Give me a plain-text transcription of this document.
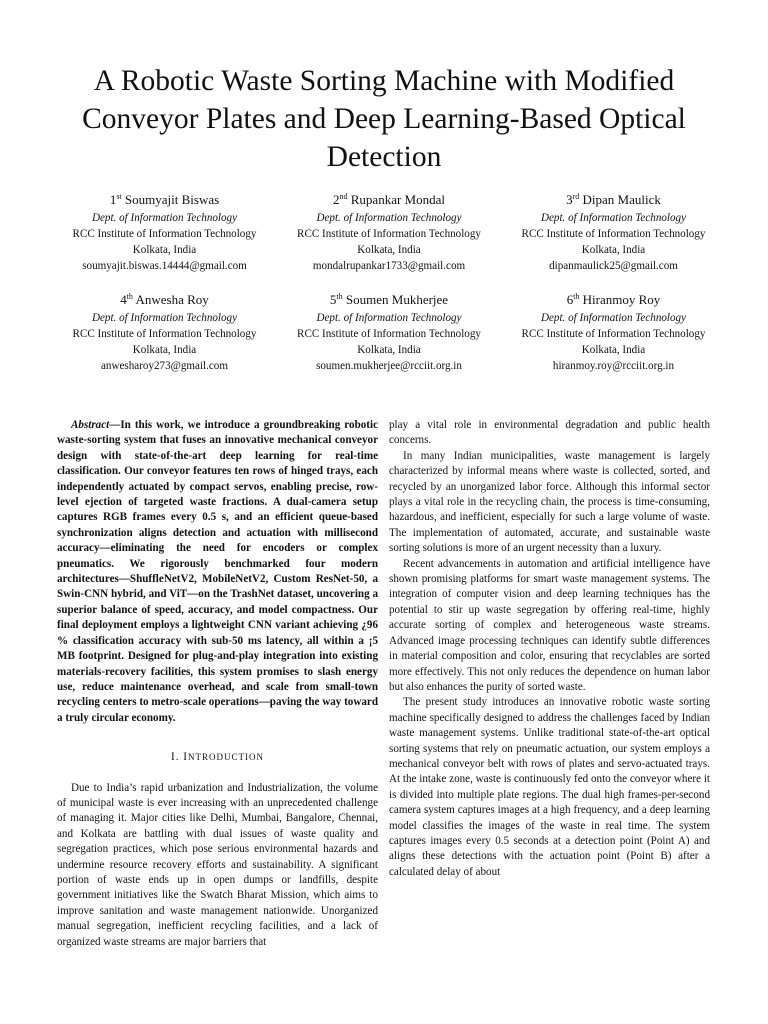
A Robotic Waste Sorting Machine with Modified Conveyor Plates and Deep Learning-Based Optical Detection
1st Soumyajit Biswas
Dept. of Information Technology
RCC Institute of Information Technology
Kolkata, India
soumyajit.biswas.14444@gmail.com
2nd Rupankar Mondal
Dept. of Information Technology
RCC Institute of Information Technology
Kolkata, India
mondalrupankar1733@gmail.com
3rd Dipan Maulick
Dept. of Information Technology
RCC Institute of Information Technology
Kolkata, India
dipanmaulick25@gmail.com
4th Anwesha Roy
Dept. of Information Technology
RCC Institute of Information Technology
Kolkata, India
anwesharoy273@gmail.com
5th Soumen Mukherjee
Dept. of Information Technology
RCC Institute of Information Technology
Kolkata, India
soumen.mukherjee@rcciit.org.in
6th Hiranmoy Roy
Dept. of Information Technology
RCC Institute of Information Technology
Kolkata, India
hiranmoy.roy@rcciit.org.in

Abstract—In this work, we introduce a groundbreaking robotic waste-sorting system that fuses an innovative mechanical conveyor design with state-of-the-art deep learning for real-time classification. Our conveyor features ten rows of hinged trays, each independently actuated by compact servos, enabling precise, row-level ejection of targeted waste fractions. A dual-camera setup captures RGB frames every 0.5 s, and an efficient queue-based synchronization aligns detection and actuation with millisecond accuracy—eliminating the need for encoders or complex pneumatics. We rigorously benchmarked four modern architectures—ShuffleNetV2, MobileNetV2, Custom ResNet-50, a Swin-CNN hybrid, and ViT—on the TrashNet dataset, uncovering a superior balance of speed, accuracy, and model compactness. Our final deployment employs a lightweight CNN variant achieving ¿96 % classification accuracy with sub-50 ms latency, all within a ¡5 MB footprint. Designed for plug-and-play integration into existing materials-recovery facilities, this system promises to slash energy use, reduce maintenance overhead, and scale from small-town recycling centers to metro-scale operations—paving the way toward a truly circular economy.

I. INTRODUCTION

Due to India’s rapid urbanization and Industrialization, the volume of municipal waste is ever increasing with an unprecedented challenge of managing it. Major cities like Delhi, Mumbai, Bangalore, Chennai, and Kolkata are battling with dual issues of waste quality and segregation practices, which pose serious environmental hazards and undermine resource recovery efforts and sustainability. A significant portion of waste ends up in open dumps or landfills, despite government initiatives like the Swatch Bharat Mission, which aims to improve sanitation and waste management nationwide. Unorganized manual segregation, inefficient recycling facilities, and a lack of organized waste streams are major barriers that

play a vital role in environmental degradation and public health concerns.

In many Indian municipalities, waste management is largely characterized by informal means where waste is collected, sorted, and recycled by an unorganized labor force. Although this informal sector plays a vital role in the recycling chain, the process is time-consuming, hazardous, and inefficient, especially for such a large volume of waste. The implementation of automated, accurate, and sustainable waste sorting solutions is more of an urgent necessity than a luxury.

Recent advancements in automation and artificial intelligence have shown promising platforms for smart waste management systems. The integration of computer vision and deep learning techniques has the potential to stir up waste segregation by offering real-time, highly accurate sorting of complex and heterogeneous waste streams. Advanced image processing techniques can identify subtle differences in material composition and color, ensuring that recyclables are sorted more effectively. This not only reduces the dependence on human labor but also enhances the purity of sorted waste.

The present study introduces an innovative robotic waste sorting machine specifically designed to address the challenges faced by Indian waste management systems. Unlike traditional state-of-the-art optical sorting systems that rely on pneumatic actuation, our system employs a mechanical conveyor belt with rows of plates and servo-actuated trays. At the intake zone, waste is continuously fed onto the conveyor where it is divided into multiple plate regions. The dual high frames-per-second camera system captures images at a high frequency, and a deep learning model classifies the images of the waste in real time. The system captures images every 0.5 seconds at a detection point (Point A) and aligns these detections with the actuation point (Point B) after a calculated delay of about
